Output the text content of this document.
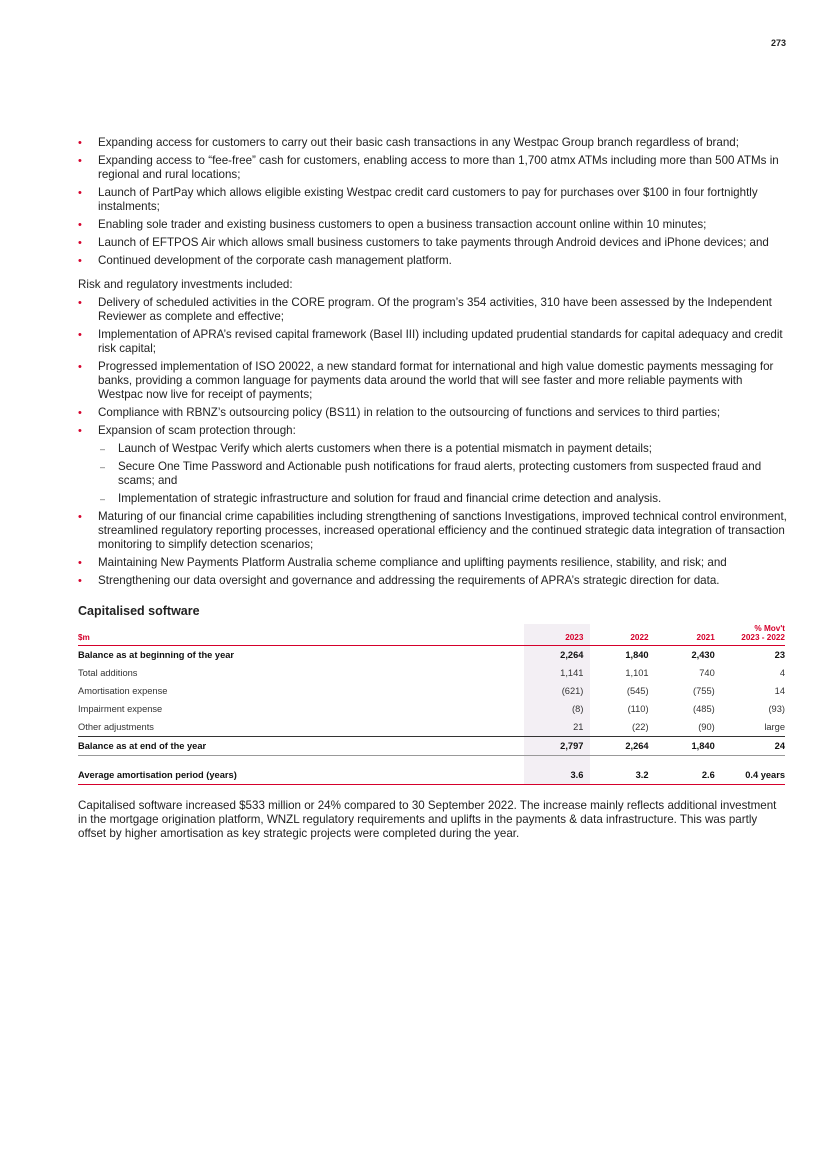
273
• Expanding access for customers to carry out their basic cash transactions in any Westpac Group branch regardless of brand;
• Expanding access to “fee-free” cash for customers, enabling access to more than 1,700 atmx ATMs including more than 500 ATMs in regional and rural locations;
• Launch of PartPay which allows eligible existing Westpac credit card customers to pay for purchases over $100 in four fortnightly instalments;
• Enabling sole trader and existing business customers to open a business transaction account online within 10 minutes;
• Launch of EFTPOS Air which allows small business customers to take payments through Android devices and iPhone devices; and
• Continued development of the corporate cash management platform.

Risk and regulatory investments included:

• Delivery of scheduled activities in the CORE program. Of the program’s 354 activities, 310 have been assessed by the Independent Reviewer as complete and effective;
• Implementation of APRA’s revised capital framework (Basel III) including updated prudential standards for capital adequacy and credit risk capital;
• Progressed implementation of ISO 20022, a new standard format for international and high value domestic payments messaging for banks, providing a common language for payments data around the world that will see faster and more reliable payments with Westpac now live for receipt of payments;
• Compliance with RBNZ’s outsourcing policy (BS11) in relation to the outsourcing of functions and services to third parties;
• Expansion of scam protection through:
– Launch of Westpac Verify which alerts customers when there is a potential mismatch in payment details;
– Secure One Time Password and Actionable push notifications for fraud alerts, protecting customers from suspected fraud and scams; and
– Implementation of strategic infrastructure and solution for fraud and financial crime detection and analysis.
• Maturing of our financial crime capabilities including strengthening of sanctions Investigations, improved technical control environment, streamlined regulatory reporting processes, increased operational efficiency and the continued strategic data integration of transaction monitoring to simplify detection scenarios;
• Maintaining New Payments Platform Australia scheme compliance and uplifting payments resilience, stability, and risk; and
• Strengthening our data oversight and governance and addressing the requirements of APRA’s strategic direction for data.
Capitalised software
$m	2023	2022	2021	% Mov't 2023 - 2022
Balance as at beginning of the year	2,264	1,840	2,430	23
Total additions	1,141	1,101	740	4
Amortisation expense	(621)	(545)	(755)	14
Impairment expense	(8)	(110)	(485)	(93)
Other adjustments	21	(22)	(90)	large
Balance as at end of the year	2,797	2,264	1,840	24

Average amortisation period (years)	3.6	3.2	2.6	0.4 years

Capitalised software increased $533 million or 24% compared to 30 September 2022. The increase mainly reflects additional investment in the mortgage origination platform, WNZL regulatory requirements and uplifts in the payments & data infrastructure. This was partly offset by higher amortisation as key strategic projects were completed during the year.
